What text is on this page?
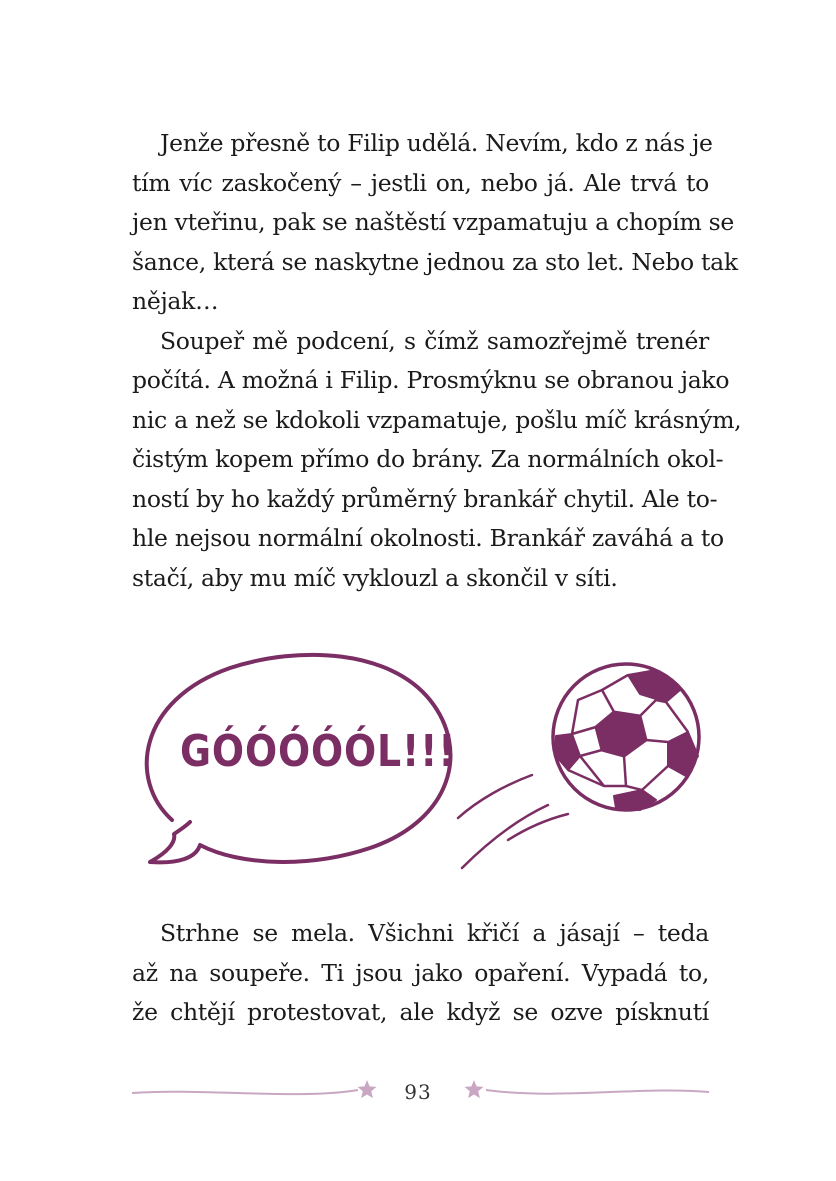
Jenže přesně to Filip udělá. Nevím, kdo z nás je
tím víc zaskočený – jestli on, nebo já. Ale trvá to
jen vteřinu, pak se naštěstí vzpamatuju a chopím se
šance, která se naskytne jednou za sto let. Nebo tak
nějak…
Soupeř mě podcení, s čímž samozřejmě trenér
počítá. A možná i Filip. Prosmýknu se obranou jako
nic a než se kdokoli vzpamatuje, pošlu míč krásným,
čistým kopem přímo do brány. Za normálních okol-
ností by ho každý průměrný brankář chytil. Ale to-
hle nejsou normální okolnosti. Brankář zaváhá a to
stačí, aby mu míč vyklouzl a skončil v síti.
GÓÓÓÓÓL!!!
Strhne se mela. Všichni křičí a jásají – teda
až na soupeře. Ti jsou jako opaření. Vypadá to,
že chtějí protestovat, ale když se ozve písknutí
93
